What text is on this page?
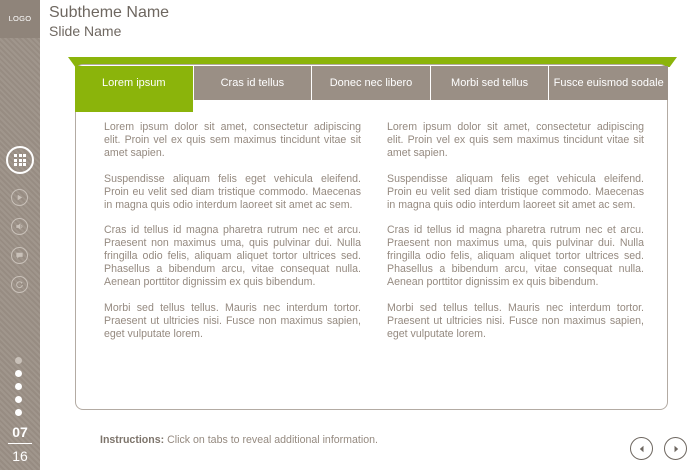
LOGO
07
16
Subtheme Name
Slide Name
Lorem ipsum	Cras id tellus	Donec nec libero	Morbi sed tellus	Fusce euismod sodale

Lorem ipsum dolor sit amet, consectetur adipiscing elit. Proin vel ex quis sem maximus tincidunt vitae sit amet sapien.

Suspendisse aliquam felis eget vehicula eleifend. Proin eu velit sed diam tristique commodo. Maecenas in magna quis odio interdum laoreet sit amet ac sem.

Cras id tellus id magna pharetra rutrum nec et arcu. Praesent non maximus uma, quis pulvinar dui. Nulla fringilla odio felis, aliquam aliquet tortor ultrices sed. Phasellus a bibendum arcu, vitae consequat nulla. Aenean porttitor dignissim ex quis bibendum.

Morbi sed tellus tellus. Mauris nec interdum tortor. Praesent ut ultricies nisi. Fusce non maximus sapien, eget vulputate lorem.

Lorem ipsum dolor sit amet, consectetur adipiscing elit. Proin vel ex quis sem maximus tincidunt vitae sit amet sapien.

Suspendisse aliquam felis eget vehicula eleifend. Proin eu velit sed diam tristique commodo. Maecenas in magna quis odio interdum laoreet sit amet ac sem.

Cras id tellus id magna pharetra rutrum nec et arcu. Praesent non maximus uma, quis pulvinar dui. Nulla fringilla odio felis, aliquam aliquet tortor ultrices sed. Phasellus a bibendum arcu, vitae consequat nulla. Aenean porttitor dignissim ex quis bibendum.

Morbi sed tellus tellus. Mauris nec interdum tortor. Praesent ut ultricies nisi. Fusce non maximus sapien, eget vulputate lorem.

Instructions: Click on tabs to reveal additional information.
